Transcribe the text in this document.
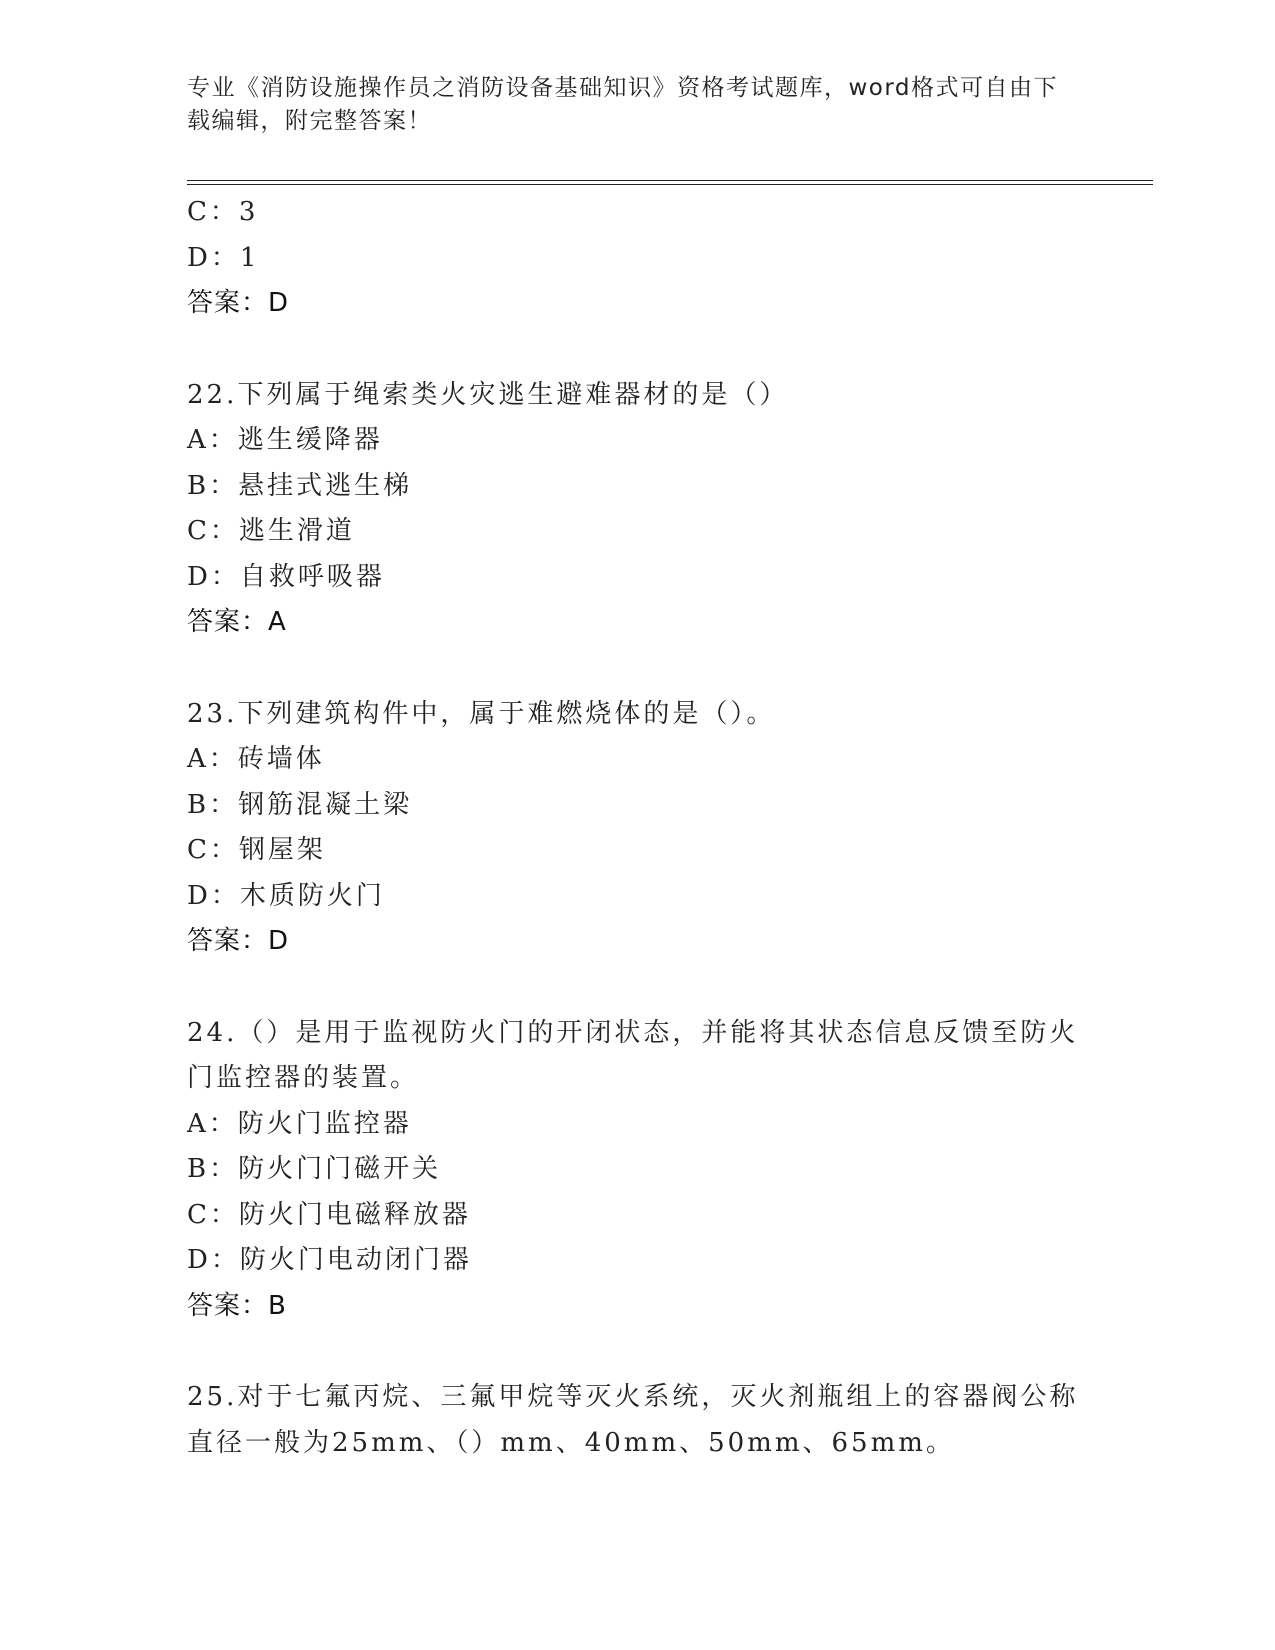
专业《消防设施操作员之消防设备基础知识》资格考试题库，word格式可自由下载编辑，附完整答案！
C：3
D：1
答案：D
22.下列属于绳索类火灾逃生避难器材的是（）
A：逃生缓降器
B：悬挂式逃生梯
C：逃生滑道
D：自救呼吸器
答案：A
23.下列建筑构件中，属于难燃烧体的是（）。
A：砖墙体
B：钢筋混凝土梁
C：钢屋架
D：木质防火门
答案：D
24.（）是用于监视防火门的开闭状态，并能将其状态信息反馈至防火门监控器的装置。
A：防火门监控器
B：防火门门磁开关
C：防火门电磁释放器
D：防火门电动闭门器
答案：B
25.对于七氟丙烷、三氟甲烷等灭火系统，灭火剂瓶组上的容器阀公称直径一般为25mm、（）mm、40mm、50mm、65mm。
